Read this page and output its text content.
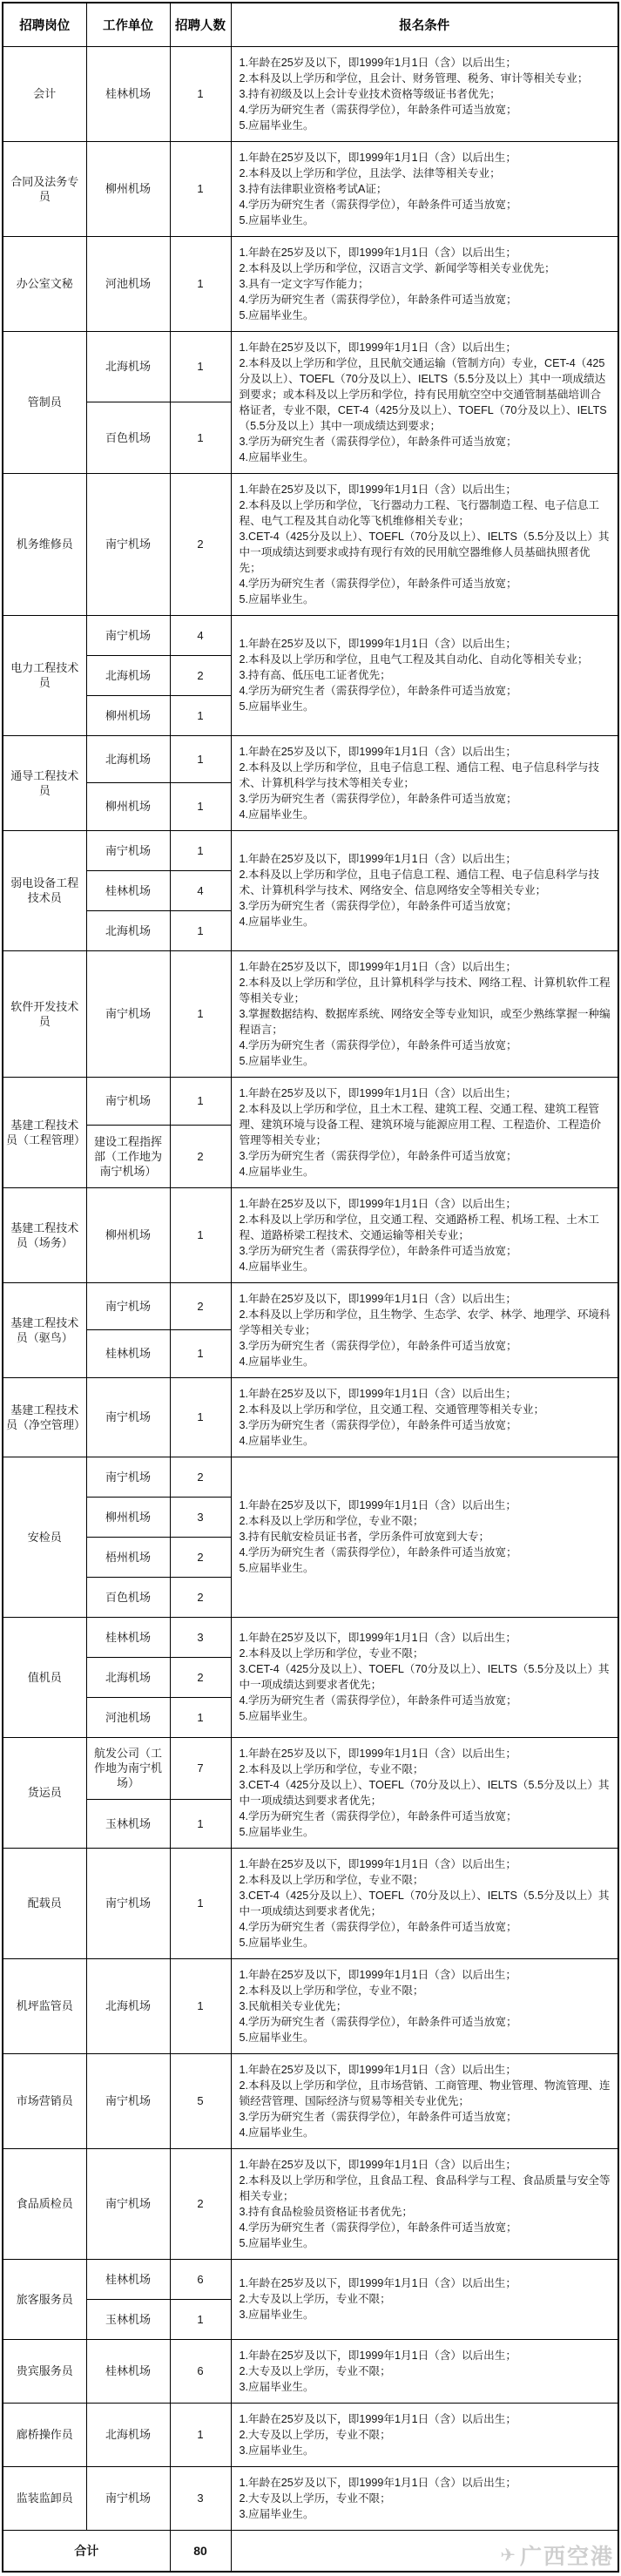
招聘岗位	工作单位	招聘人数	报名条件
会计	桂林机场	1	1.年龄在25岁及以下，即1999年1月1日（含）以后出生；
2.本科及以上学历和学位，且会计、财务管理、税务、审计等相关专业；
3.持有初级及以上会计专业技术资格等级证书者优先；
4.学历为研究生者（需获得学位），年龄条件可适当放宽；
5.应届毕业生。

合同及法务专员	柳州机场	1	1.年龄在25岁及以下，即1999年1月1日（含）以后出生；
2.本科及以上学历和学位，且法学、法律等相关专业；
3.持有法律职业资格考试A证；
4.学历为研究生者（需获得学位），年龄条件可适当放宽；
5.应届毕业生。

办公室文秘	河池机场	1	1.年龄在25岁及以下，即1999年1月1日（含）以后出生；
2.本科及以上学历和学位，汉语言文学、新闻学等相关专业优先；
3.具有一定文字写作能力；
4.学历为研究生者（需获得学位），年龄条件可适当放宽；
5.应届毕业生。

管制员	北海机场	1	1.年龄在25岁及以下，即1999年1月1日（含）以后出生；
2.本科及以上学历和学位，且民航交通运输（管制方向）专业，CET-4（425分及以上）、TOEFL（70分及以上）、IELTS（5.5分及以上）其中一项成绩达到要求；或本科及以上学历和学位，持有民用航空空中交通管制基础培训合格证者，专业不限，CET-4（425分及以上）、TOEFL（70分及以上）、IELTS（5.5分及以上）其中一项成绩达到要求；
3.学历为研究生者（需获得学位），年龄条件可适当放宽；
4.应届毕业生。

	百色机场	1	
机务维修员	南宁机场	2	1.年龄在25岁及以下，即1999年1月1日（含）以后出生；
2.本科及以上学历和学位，飞行器动力工程、飞行器制造工程、电子信息工程、电气工程及其自动化等飞机维修相关专业；
3.CET-4（425分及以上）、TOEFL（70分及以上）、IELTS（5.5分及以上）其中一项成绩达到要求或持有现行有效的民用航空器维修人员基础执照者优先；
4.学历为研究生者（需获得学位），年龄条件可适当放宽；
5.应届毕业生。

电力工程技术员	南宁机场	4	1.年龄在25岁及以下，即1999年1月1日（含）以后出生；
2.本科及以上学历和学位，且电气工程及其自动化、自动化等相关专业；
3.持有高、低压电工证者优先；
4.学历为研究生者（需获得学位），年龄条件可适当放宽；
5.应届毕业生。

	北海机场	2	
	柳州机场	1	
通导工程技术员	北海机场	1	1.年龄在25岁及以下，即1999年1月1日（含）以后出生；
2.本科及以上学历和学位，且电子信息工程、通信工程、电子信息科学与技术、计算机科学与技术等相关专业；
3.学历为研究生者（需获得学位），年龄条件可适当放宽；
4.应届毕业生。

	柳州机场	1	
弱电设备工程技术员	南宁机场	1	1.年龄在25岁及以下，即1999年1月1日（含）以后出生；
2.本科及以上学历和学位，且电子信息工程、通信工程、电子信息科学与技术、计算机科学与技术、网络安全、信息网络安全等相关专业；
3.学历为研究生者（需获得学位），年龄条件可适当放宽；
4.应届毕业生。

	桂林机场	4	
	北海机场	1	
软件开发技术员	南宁机场	1	1.年龄在25岁及以下，即1999年1月1日（含）以后出生；
2.本科及以上学历和学位，且计算机科学与技术、网络工程、计算机软件工程等相关专业；
3.掌握数据结构、数据库系统、网络安全等专业知识，或至少熟练掌握一种编程语言；
4.学历为研究生者（需获得学位），年龄条件可适当放宽；
5.应届毕业生。

基建工程技术员（工程管理）	南宁机场	1	1.年龄在25岁及以下，即1999年1月1日（含）以后出生；
2.本科及以上学历和学位，且土木工程、建筑工程、交通工程、建筑工程管理、建筑环境与设备工程、建筑环境与能源应用工程、工程造价、工程造价管理等相关专业；
3.学历为研究生者（需获得学位），年龄条件可适当放宽；
4.应届毕业生。

	建设工程指挥部（工作地为南宁机场）	2	
基建工程技术员（场务）	柳州机场	1	1.年龄在25岁及以下，即1999年1月1日（含）以后出生；
2.本科及以上学历和学位，且交通工程、交通路桥工程、机场工程、土木工程、道路桥梁工程技术、交通运输等相关专业；
3.学历为研究生者（需获得学位），年龄条件可适当放宽；
4.应届毕业生。

基建工程技术员（驱鸟）	南宁机场	2	1.年龄在25岁及以下，即1999年1月1日（含）以后出生；
2.本科及以上学历和学位，且生物学、生态学、农学、林学、地理学、环境科学等相关专业；
3.学历为研究生者（需获得学位），年龄条件可适当放宽；
4.应届毕业生。

	桂林机场	1	
基建工程技术员（净空管理）	南宁机场	1	1.年龄在25岁及以下，即1999年1月1日（含）以后出生；
2.本科及以上学历和学位，且交通工程、交通管理等相关专业；
3.学历为研究生者（需获得学位），年龄条件可适当放宽；
4.应届毕业生。

安检员	南宁机场	2	1.年龄在25岁及以下，即1999年1月1日（含）以后出生；
2.本科及以上学历和学位，专业不限；
3.持有民航安检员证书者，学历条件可放宽到大专；
4.学历为研究生者（需获得学位），年龄条件可适当放宽；
5.应届毕业生。

	柳州机场	3	
	梧州机场	2	
	百色机场	2	
值机员	桂林机场	3	1.年龄在25岁及以下，即1999年1月1日（含）以后出生；
2.本科及以上学历和学位，专业不限；
3.CET-4（425分及以上）、TOEFL（70分及以上）、IELTS（5.5分及以上）其中一项成绩达到要求者优先；
4.学历为研究生者（需获得学位），年龄条件可适当放宽；
5.应届毕业生。

	北海机场	2	
	河池机场	1	
货运员	航发公司（工作地为南宁机场）	7	1.年龄在25岁及以下，即1999年1月1日（含）以后出生；
2.本科及以上学历和学位，专业不限；
3.CET-4（425分及以上）、TOEFL（70分及以上）、IELTS（5.5分及以上）其中一项成绩达到要求者优先；
4.学历为研究生者（需获得学位），年龄条件可适当放宽；
5.应届毕业生。

	玉林机场	1	
配载员	南宁机场	1	1.年龄在25岁及以下，即1999年1月1日（含）以后出生；
2.本科及以上学历和学位，专业不限；
3.CET-4（425分及以上）、TOEFL（70分及以上）、IELTS（5.5分及以上）其中一项成绩达到要求者优先；
4.学历为研究生者（需获得学位），年龄条件可适当放宽；
5.应届毕业生。

机坪监管员	北海机场	1	1.年龄在25岁及以下，即1999年1月1日（含）以后出生；
2.本科及以上学历和学位，专业不限；
3.民航相关专业优先；
4.学历为研究生者（需获得学位），年龄条件可适当放宽；
5.应届毕业生。

市场营销员	南宁机场	5	1.年龄在25岁及以下，即1999年1月1日（含）以后出生；
2.本科及以上学历和学位，且市场营销、工商管理、物业管理、物流管理、连锁经营管理、国际经济与贸易等相关专业优先；
3.学历为研究生者（需获得学位），年龄条件可适当放宽；
4.应届毕业生。

食品质检员	南宁机场	2	1.年龄在25岁及以下，即1999年1月1日（含）以后出生；
2.本科及以上学历和学位，且食品工程、食品科学与工程、食品质量与安全等相关专业；
3.持有食品检验员资格证书者优先；
4.学历为研究生者（需获得学位），年龄条件可适当放宽；
5.应届毕业生。

旅客服务员	桂林机场	6	1.年龄在25岁及以下，即1999年1月1日（含）以后出生；
2.大专及以上学历，专业不限；
3.应届毕业生。

	玉林机场	1	
贵宾服务员	桂林机场	6	1.年龄在25岁及以下，即1999年1月1日（含）以后出生；
2.大专及以上学历，专业不限；
3.应届毕业生。

廊桥操作员	北海机场	1	1.年龄在25岁及以下，即1999年1月1日（含）以后出生；
2.大专及以上学历，专业不限；
3.应届毕业生。

监装监卸员	南宁机场	3	1.年龄在25岁及以下，即1999年1月1日（含）以后出生；
2.大专及以上学历，专业不限；
3.应届毕业生。

合计		80		✈ 广西空港
